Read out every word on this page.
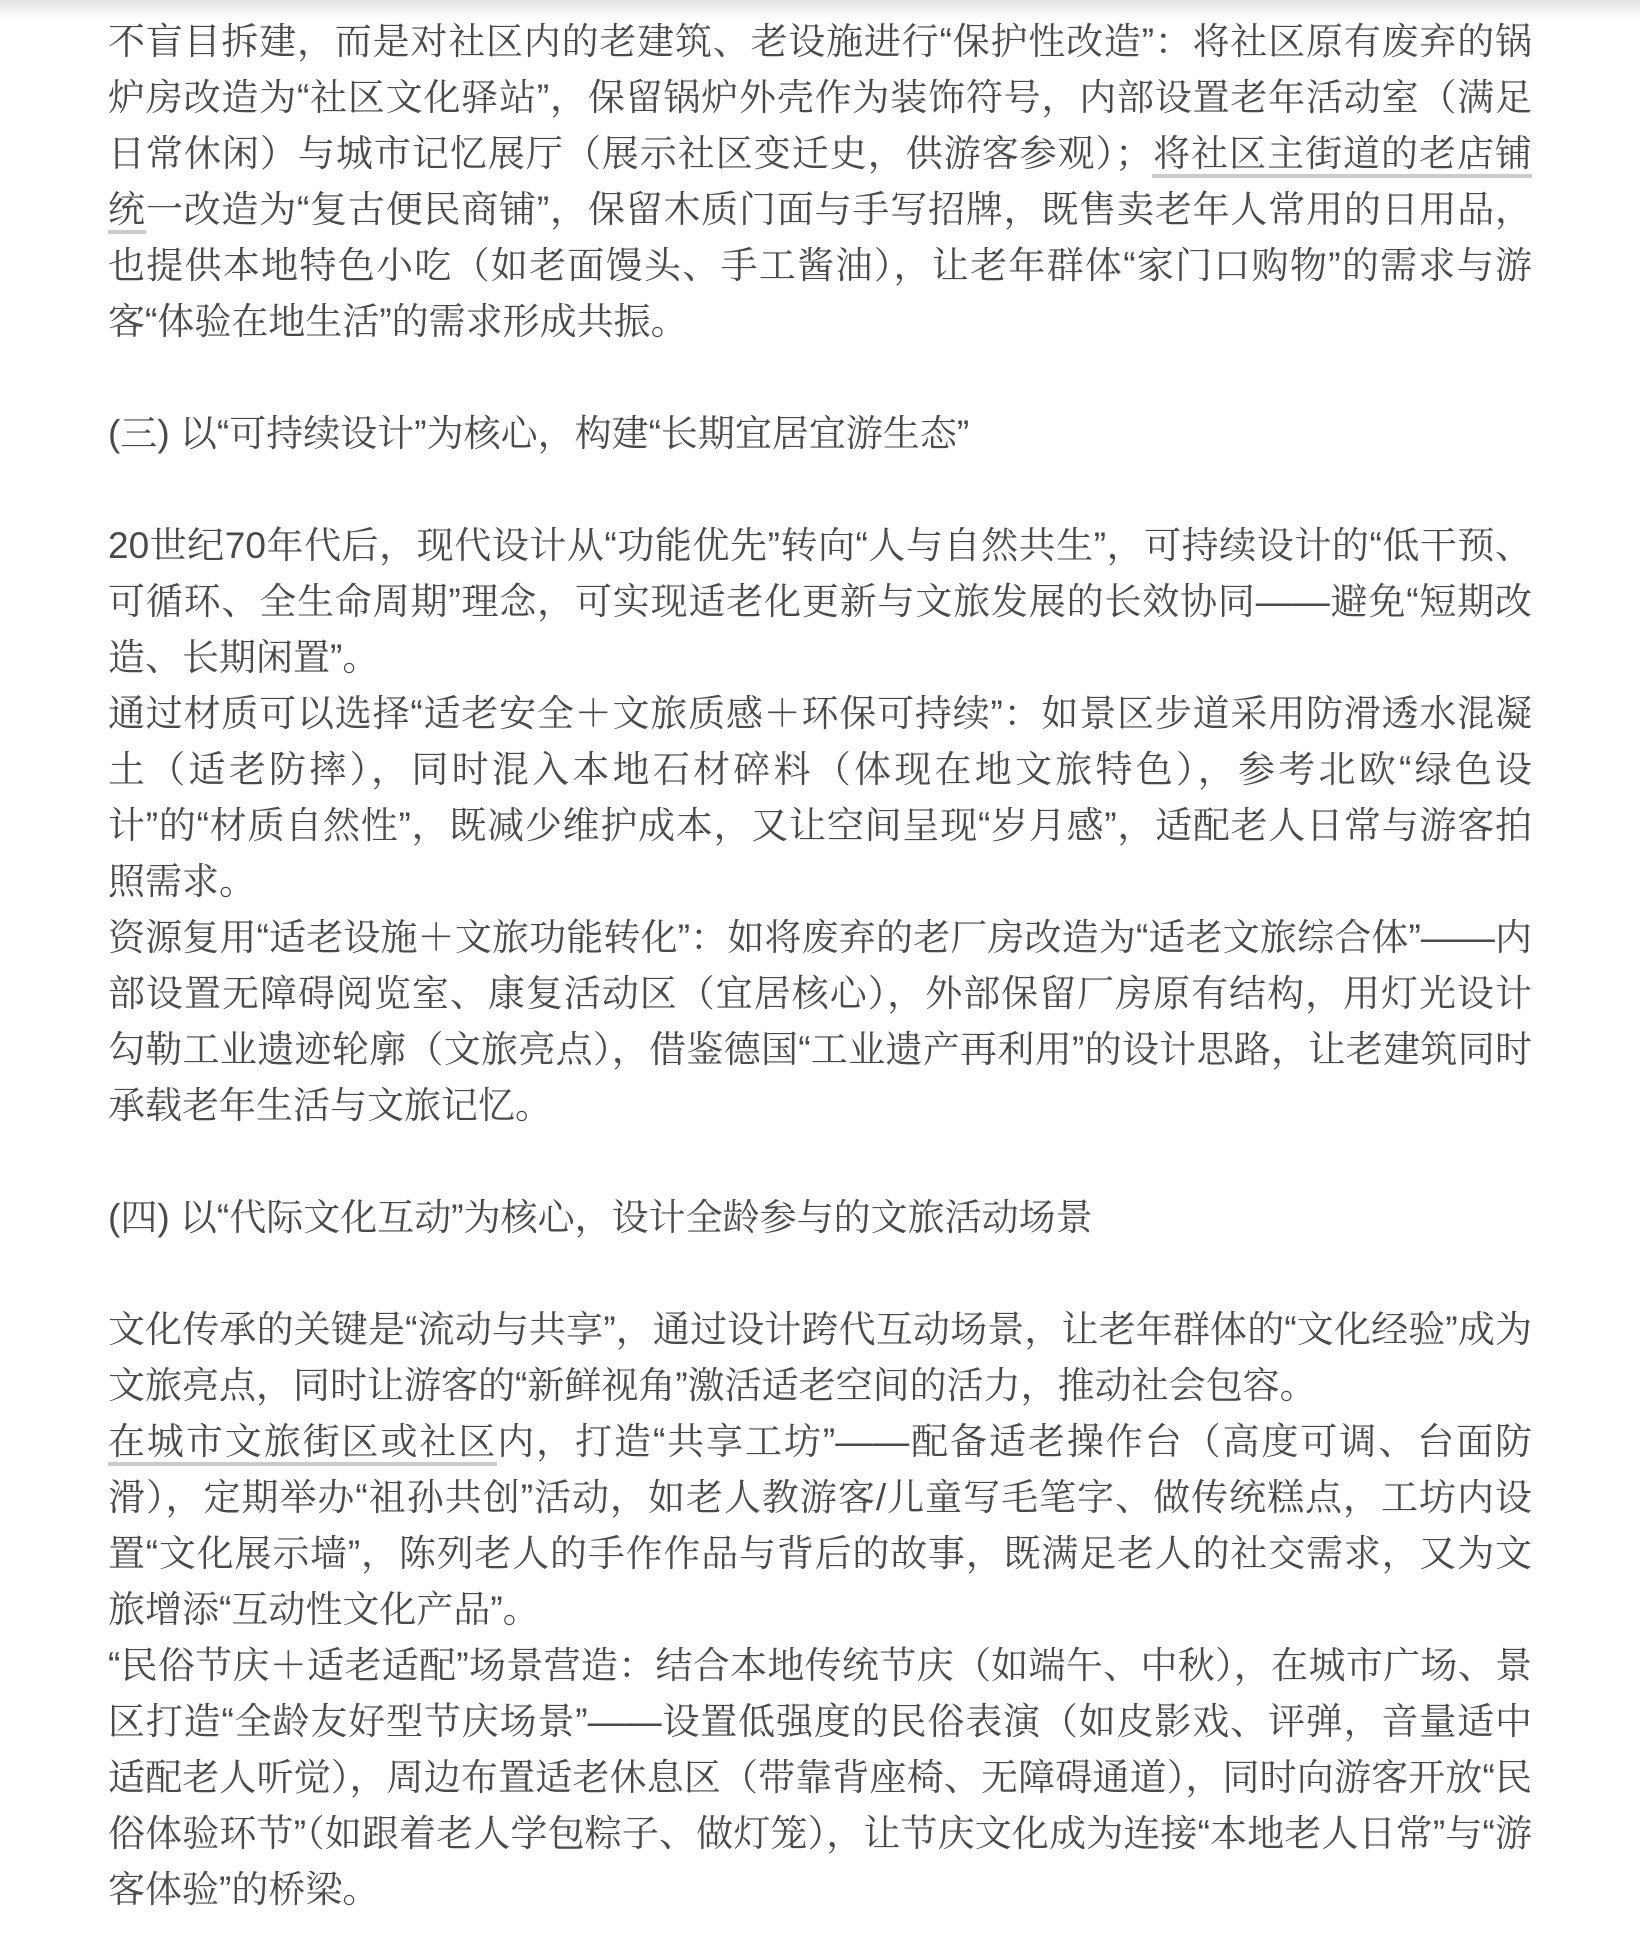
不盲目拆建，而是对社区内的老建筑、老设施进行“保护性改造”：将社区原有废弃的锅炉房改造为“社区文化驿站”，保留锅炉外壳作为装饰符号，内部设置老年活动室（满足日常休闲）与城市记忆展厅（展示社区变迁史，供游客参观）；将社区主街道的老店铺统一改造为“复古便民商铺”，保留木质门面与手写招牌，既售卖老年人常用的日用品，也提供本地特色小吃（如老面馒头、手工酱油），让老年群体“家门口购物”的需求与游客“体验在地生活”的需求形成共振。

(三) 以“可持续设计”为核心，构建“长期宜居宜游生态”

20世纪70年代后，现代设计从“功能优先”转向“人与自然共生”，可持续设计的“低干预、可循环、全生命周期”理念，可实现适老化更新与文旅发展的长效协同——避免“短期改造、长期闲置”。

通过材质可以选择“适老安全＋文旅质感＋环保可持续”：如景区步道采用防滑透水混凝土（适老防摔），同时混入本地石材碎料（体现在地文旅特色），参考北欧“绿色设计”的“材质自然性”，既减少维护成本，又让空间呈现“岁月感”，适配老人日常与游客拍照需求。

资源复用“适老设施＋文旅功能转化”：如将废弃的老厂房改造为“适老文旅综合体”——内部设置无障碍阅览室、康复活动区（宜居核心），外部保留厂房原有结构，用灯光设计勾勒工业遗迹轮廓（文旅亮点），借鉴德国“工业遗产再利用”的设计思路，让老建筑同时承载老年生活与文旅记忆。

(四) 以“代际文化互动”为核心，设计全龄参与的文旅活动场景

文化传承的关键是“流动与共享”，通过设计跨代互动场景，让老年群体的“文化经验”成为文旅亮点，同时让游客的“新鲜视角”激活适老空间的活力，推动社会包容。

在城市文旅街区或社区内，打造“共享工坊”——配备适老操作台（高度可调、台面防滑），定期举办“祖孙共创”活动，如老人教游客/儿童写毛笔字、做传统糕点，工坊内设置“文化展示墙”，陈列老人的手作作品与背后的故事，既满足老人的社交需求，又为文旅增添“互动性文化产品”。

“民俗节庆＋适老适配”场景营造：结合本地传统节庆（如端午、中秋），在城市广场、景区打造“全龄友好型节庆场景”——设置低强度的民俗表演（如皮影戏、评弹，音量适中适配老人听觉），周边布置适老休息区（带靠背座椅、无障碍通道），同时向游客开放“民俗体验环节”（如跟着老人学包粽子、做灯笼），让节庆文化成为连接“本地老人日常”与“游客体验”的桥梁。
